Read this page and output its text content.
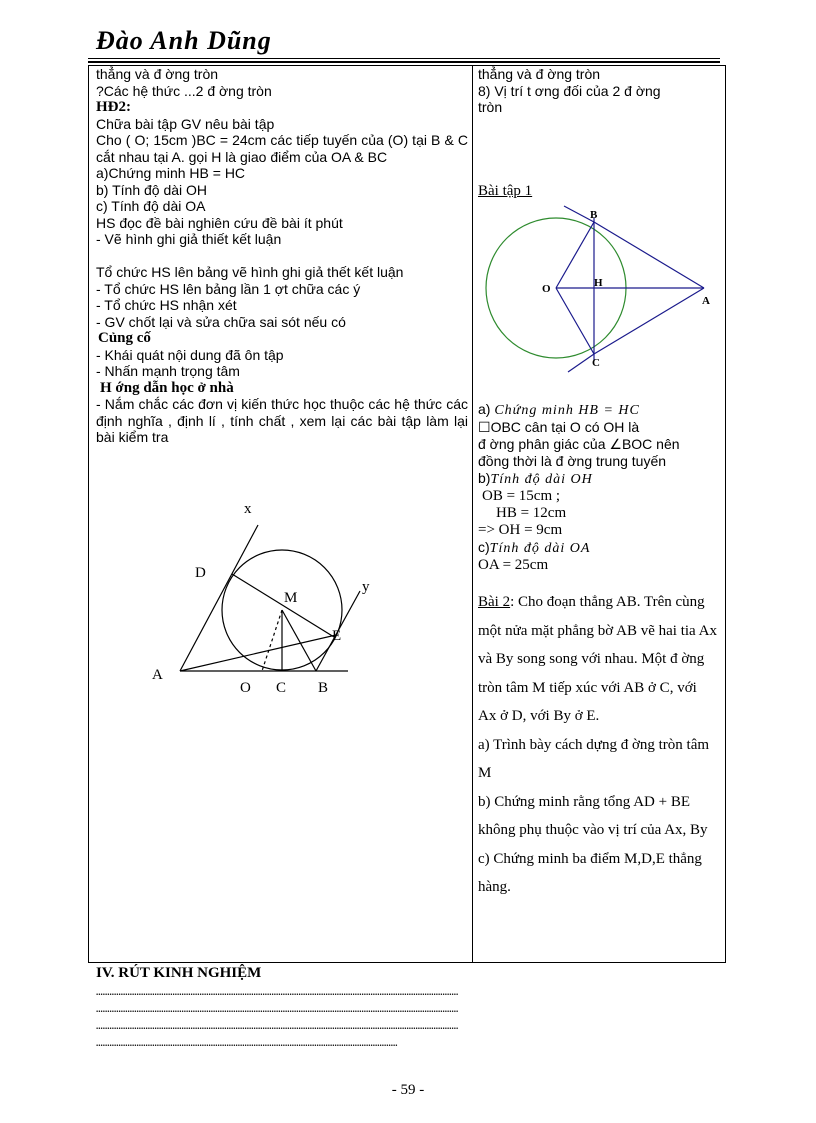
Đào Anh Dũng
thẳng và đ ờng tròn
?Các hệ thức ...2 đ ờng tròn
HĐ2:
Chữa bài tập GV nêu bài tập
Cho ( O; 15cm )BC = 24cm các tiếp tuyến của (O) tại B & C cắt nhau tại A. gọi H là giao điểm của OA & BC
a)Chứng minh HB = HC
b) Tính độ dài OH
c) Tính độ dài OA
HS đọc đề bài nghiên cứu đề bài ít phút
- Vẽ hình ghi giả thiết kết luận
Tổ chức HS lên bảng vẽ hình ghi giả thết kết luận
- Tổ chức HS lên bảng lần 1 ợt chữa các ý
- Tổ chức HS nhận xét
- GV chốt lại và sửa chữa sai sót nếu có
Củng cố
- Khái quát nội dung đã ôn tập
- Nhấn mạnh trọng tâm
H ớng dẫn học ở nhà
- Nắm chắc các đơn vị kiến thức học thuộc các hệ thức các định nghĩa , định lí , tính chất , xem lại các bài tập làm lại bài kiểm tra
x
y
D
M
E
A
O C B
thẳng và đ ờng tròn
8) Vị trí t ơng đối của 2 đ ờng
tròn
Bài tập 1
B
O	H
A
C
a) Chứng minh HB = HC
☐OBC cân tại O có OH là
đ ờng phân giác của ∠BOC nên
đồng thời là đ ờng trung tuyến
b)Tính độ dài OH
OB = 15cm ;
HB = 12cm
=> OH = 9cm
c)Tính độ dài OA
OA = 25cm

Bài 2: Cho đoạn thẳng AB. Trên cùng một nửa mặt phẳng bờ AB vẽ hai tia Ax và By song song với nhau. Một đ ờng tròn tâm M tiếp xúc với AB ở C, với Ax ở D, với By ở E.

a) Trình bày cách dựng đ ờng tròn tâm M

b) Chứng minh rằng tổng AD + BE không phụ thuộc vào vị trí của Ax, By

c) Chứng minh ba điểm M,D,E thẳng hàng.

IV. RÚT KINH NGHIỆM
.................................................................................................................................................................
.................................................................................................................................................................
.................................................................................................................................................................
......................................................................................................................................
- 59 -
